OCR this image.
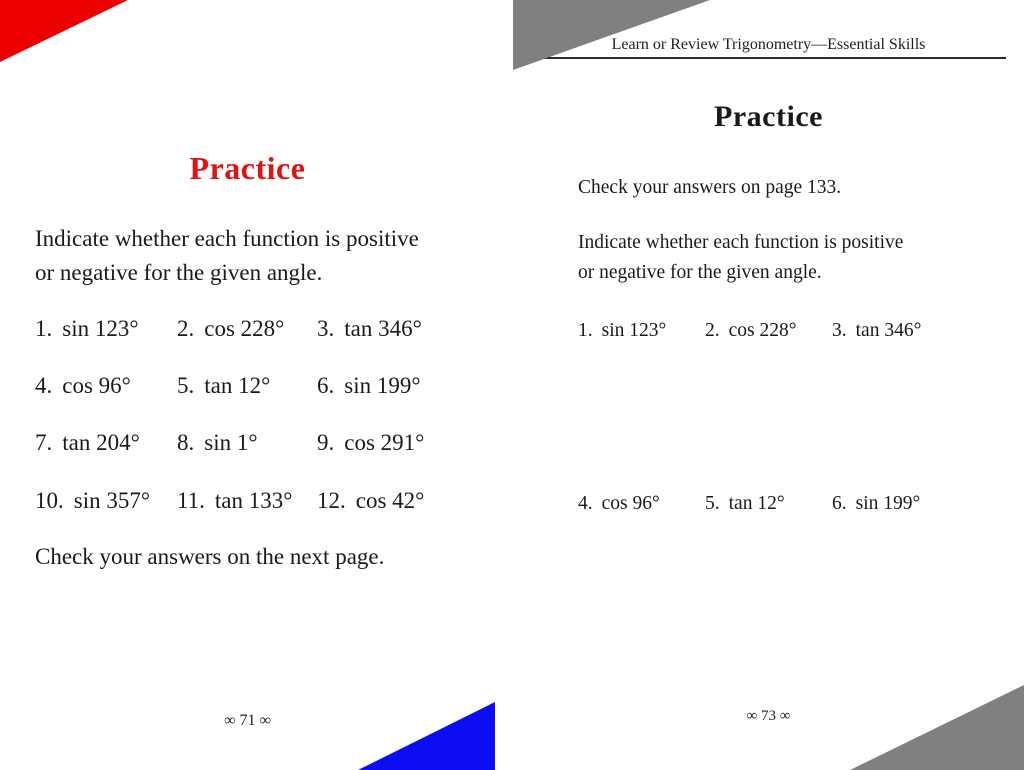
Practice
Indicate whether each function is positive
or negative for the given angle.
1. sin 123° 2. cos 228° 3. tan 346°
4. cos 96° 5. tan 12° 6. sin 199°
7. tan 204° 8. sin 1°	9. cos 291°
10. sin 357° 11. tan 133° 12. cos 42°
Check your answers on the next page.
∞ 71 ∞
Learn or Review Trigonometry—Essential Skills
Practice
Check your answers on page 133.
Indicate whether each function is positive
or negative for the given angle.
1. sin 123° 2. cos 228° 3. tan 346°
4. cos 96° 5. tan 12° 6. sin 199°
∞ 73 ∞
